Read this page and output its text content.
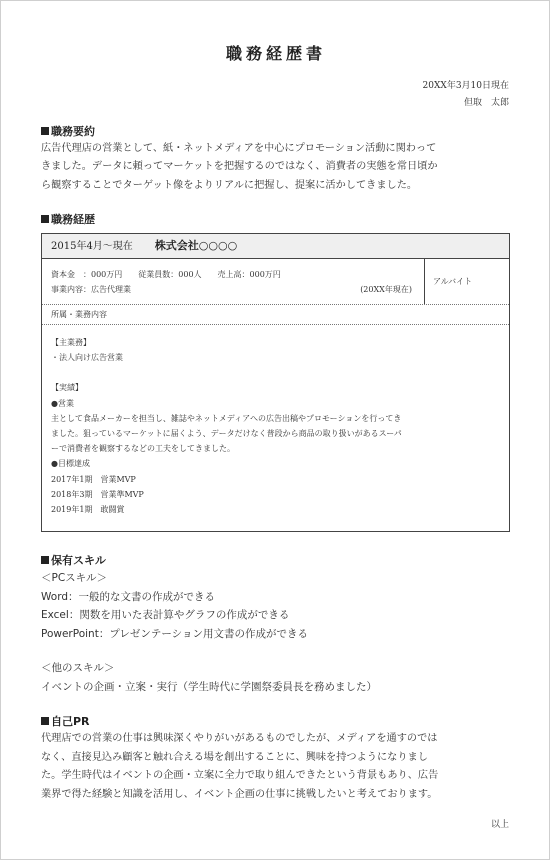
職務経歴書
20XX年3月10日現在
但取　太郎
職務要約
広告代理店の営業として、紙・ネットメディアを中心にプロモーション活動に関わって
きました。データに頼ってマーケットを把握するのではなく、消費者の実態を常日頃か
ら観察することでターゲット像をよりリアルに把握し、提案に活かしてきました。
職務経歴
2015年4月～現在 株式会社○○○○
資本金　：000万円　　従業員数：000人　　売上高：000万円
事業内容：広告代理業	(20XX年現在)
アルバイト
所属・業務内容
【主業務】
・法人向け広告営業
【実績】
●営業
主として食品メーカーを担当し、雑誌やネットメディアへの広告出稿やプロモーションを行ってき
ました。狙っているマーケットに届くよう、データだけなく普段から商品の取り扱いがあるスーパ
ーで消費者を観察するなどの工夫をしてきました。
●目標達成
2017年1期　営業MVP
2018年3期　営業準MVP
2019年1期　敢闘賞
保有スキル
＜PCスキル＞
Word：一般的な文書の作成ができる
Excel：関数を用いた表計算やグラフの作成ができる
PowerPoint：プレゼンテーション用文書の作成ができる
＜他のスキル＞
イベントの企画・立案・実行（学生時代に学園祭委員長を務めました）
自己PR
代理店での営業の仕事は興味深くやりがいがあるものでしたが、メディアを通すのでは
なく、直接見込み顧客と触れ合える場を創出することに、興味を持つようになりまし
た。学生時代はイベントの企画・立案に全力で取り組んできたという背景もあり、広告
業界で得た経験と知識を活用し、イベント企画の仕事に挑戦したいと考えております。
以上
